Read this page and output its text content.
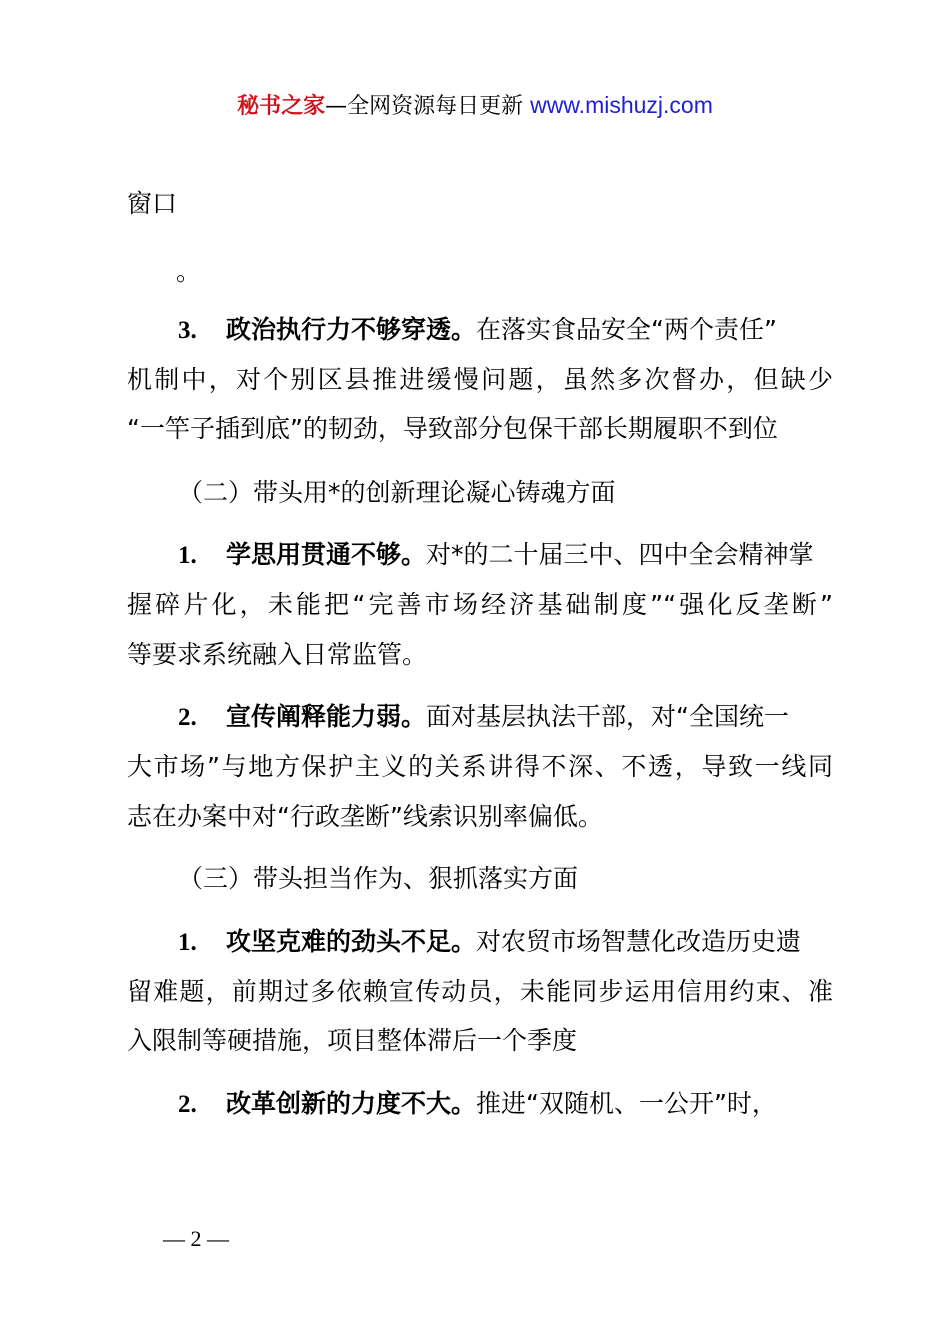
秘书之家—全网资源每日更新 www.mishuzj.com
窗口
。
3. 政治执行力不够穿透。在落实食品安全“两个责任”
机制中，对个别区县推进缓慢问题，虽然多次督办，但缺少
“一竿子插到底”的韧劲，导致部分包保干部长期履职不到位
（二）带头用*的创新理论凝心铸魂方面
1. 学思用贯通不够。对*的二十届三中、四中全会精神掌
握碎片化，未能把“完善市场经济基础制度”“强化反垄断”
等要求系统融入日常监管。
2. 宣传阐释能力弱。面对基层执法干部，对“全国统一
大市场”与地方保护主义的关系讲得不深、不透，导致一线同
志在办案中对“行政垄断”线索识别率偏低。
（三）带头担当作为、狠抓落实方面
1. 攻坚克难的劲头不足。对农贸市场智慧化改造历史遗
留难题，前期过多依赖宣传动员，未能同步运用信用约束、准
入限制等硬措施，项目整体滞后一个季度
2. 改革创新的力度不大。推进“双随机、一公开”时，
— 2 —
